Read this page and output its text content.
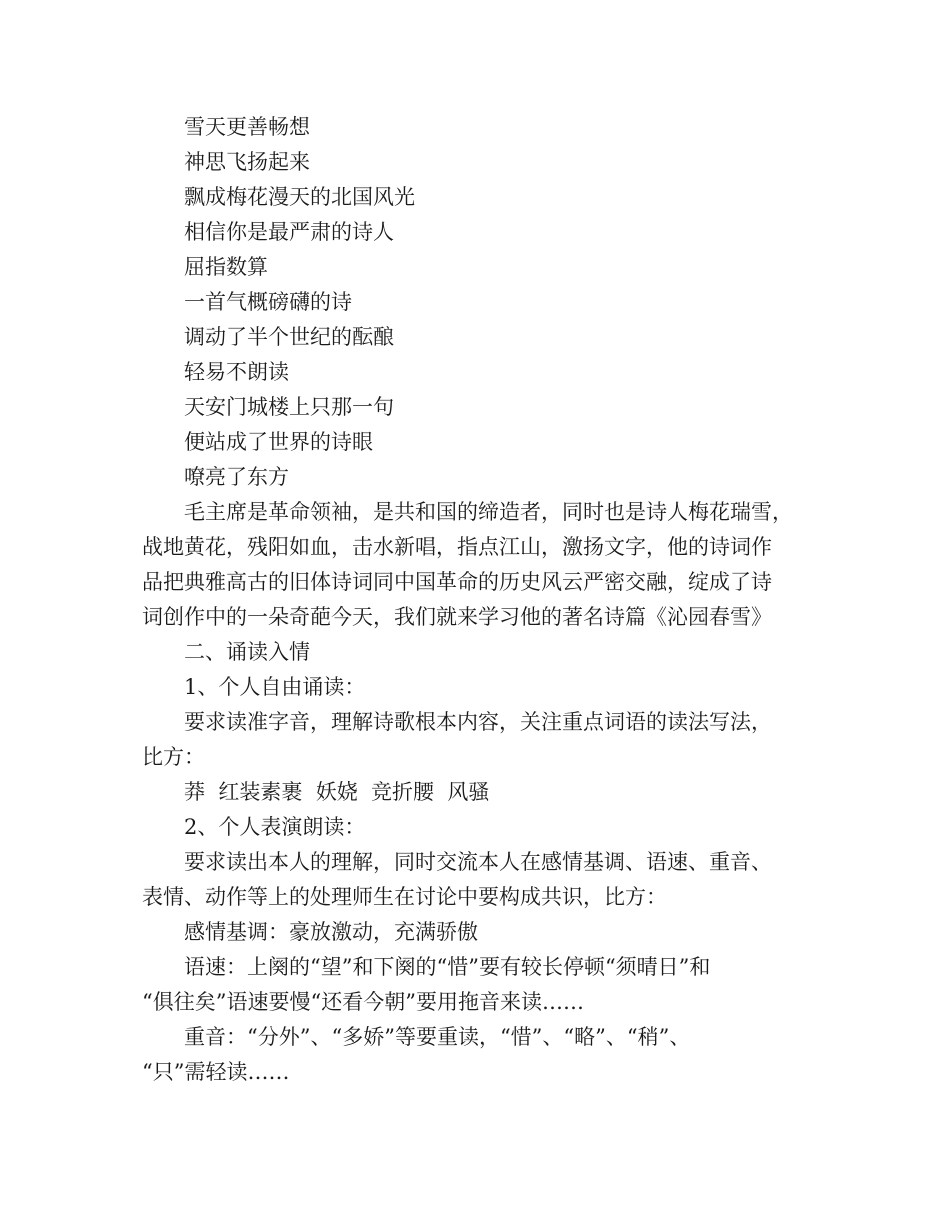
雪天更善畅想

神思飞扬起来

飘成梅花漫天的北国风光

相信你是最严肃的诗人

屈指数算

一首气概磅礴的诗

调动了半个世纪的酝酿

轻易不朗读

天安门城楼上只那一句

便站成了世界的诗眼

嘹亮了东方

毛主席是革命领袖，是共和国的缔造者，同时也是诗人梅花瑞雪，

战地黄花，残阳如血，击水新唱，指点江山，激扬文字，他的诗词作

品把典雅高古的旧体诗词同中国革命的历史风云严密交融，绽成了诗

词创作中的一朵奇葩今天，我们就来学习他的著名诗篇《沁园春雪》

二、诵读入情

1、个人自由诵读：

要求读准字音，理解诗歌根本内容，关注重点词语的读法写法，

比方：

莽  红装素裹  妖娆  竞折腰  风骚

2、个人表演朗读：

要求读出本人的理解，同时交流本人在感情基调、语速、重音、

表情、动作等上的处理师生在讨论中要构成共识，比方：

感情基调：豪放激动，充满骄傲

语速：上阕的“望”和下阕的“惜”要有较长停顿“须晴日”和

“俱往矣”语速要慢“还看今朝”要用拖音来读……

重音：“分外”、“多娇”等要重读，“惜”、“略”、“稍”、

“只”需轻读……
